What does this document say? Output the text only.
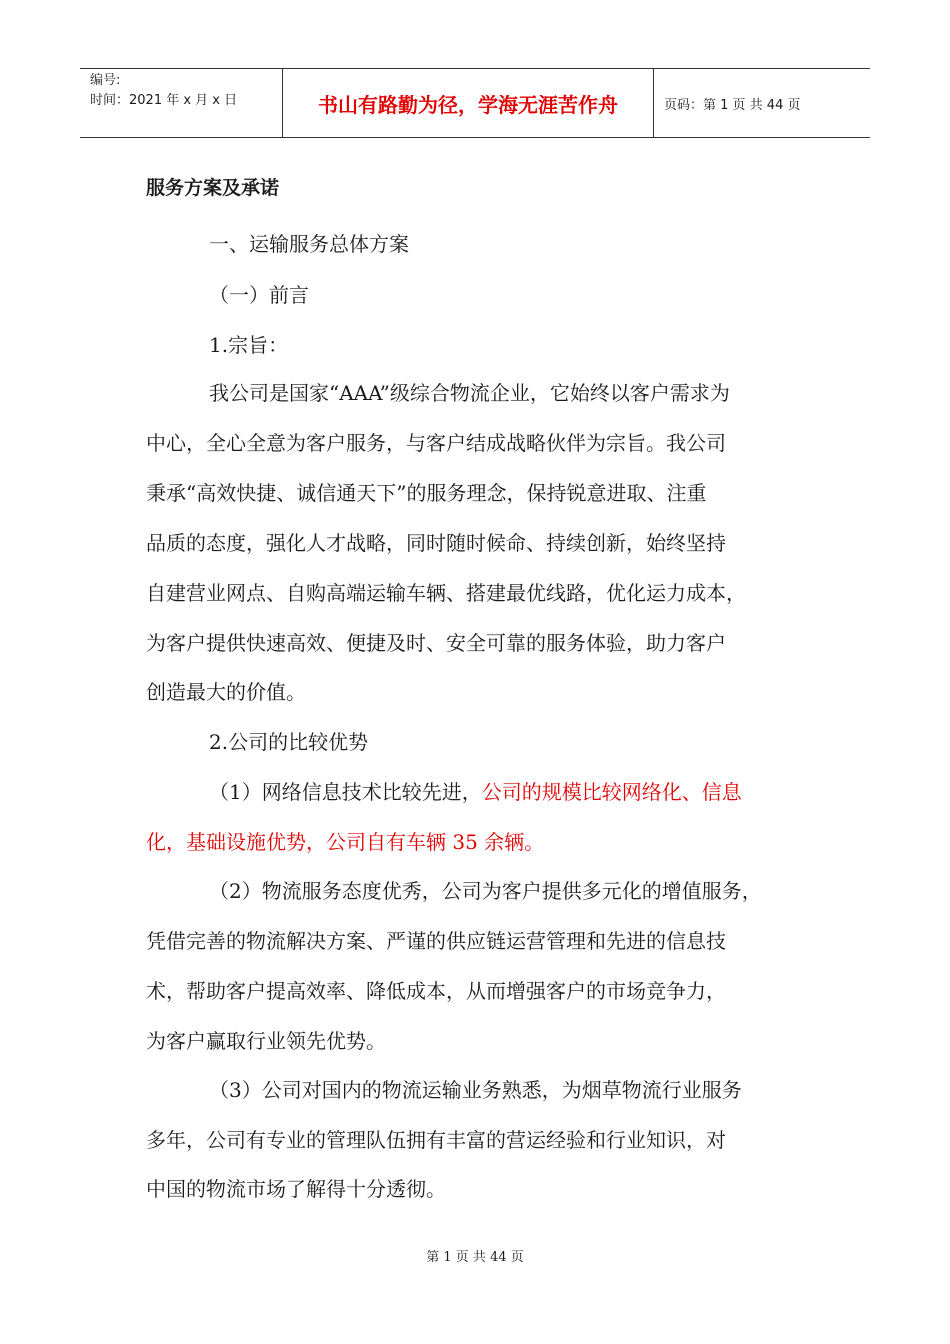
编号:
时间：2021 年 x 月 x 日	书山有路勤为径，学海无涯苦作舟	页码：第 1 页 共 44 页
服务方案及承诺
一、运输服务总体方案
（一）前言
1.宗旨：
我公司是国家“AAA”级综合物流企业，它始终以客户需求为
中心，全心全意为客户服务，与客户结成战略伙伴为宗旨。我公司
秉承“高效快捷、诚信通天下”的服务理念，保持锐意进取、注重
品质的态度，强化人才战略，同时随时候命、持续创新，始终坚持
自建营业网点、自购高端运输车辆、搭建最优线路，优化运力成本，
为客户提供快速高效、便捷及时、安全可靠的服务体验，助力客户
创造最大的价值。
2.公司的比较优势
（1）网络信息技术比较先进，公司的规模比较网络化、信息
化，基础设施优势，公司自有车辆 35 余辆。
（2）物流服务态度优秀，公司为客户提供多元化的增值服务，
凭借完善的物流解决方案、严谨的供应链运营管理和先进的信息技
术，帮助客户提高效率、降低成本，从而增强客户的市场竞争力，
为客户赢取行业领先优势。
（3）公司对国内的物流运输业务熟悉，为烟草物流行业服务
多年，公司有专业的管理队伍拥有丰富的营运经验和行业知识，对
中国的物流市场了解得十分透彻。
第 1 页 共 44 页
